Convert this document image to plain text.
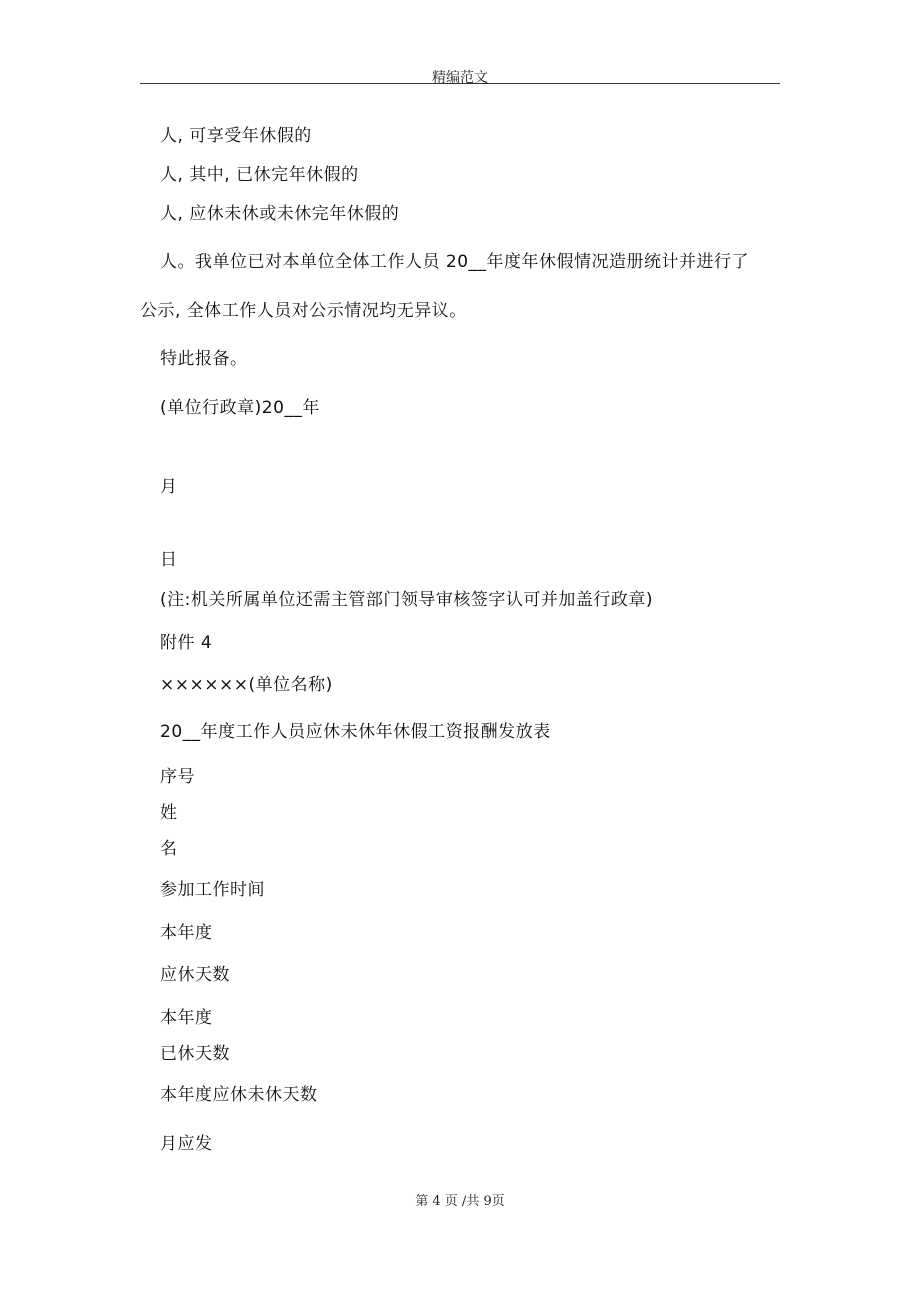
精编范文
人, 可享受年休假的
人, 其中, 已休完年休假的
人, 应休未休或未休完年休假的
人。我单位已对本单位全体工作人员 20__年度年休假情况造册统计并进行了
公示, 全体工作人员对公示情况均无异议。
特此报备。
(单位行政章)20__年
月
日
(注:机关所属单位还需主管部门领导审核签字认可并加盖行政章)
附件 4
××××××(单位名称)
20__年度工作人员应休未休年休假工资报酬发放表
序号
姓
名
参加工作时间
本年度
应休天数
本年度
已休天数
本年度应休未休天数
月应发
第 4 页 /共 9页
